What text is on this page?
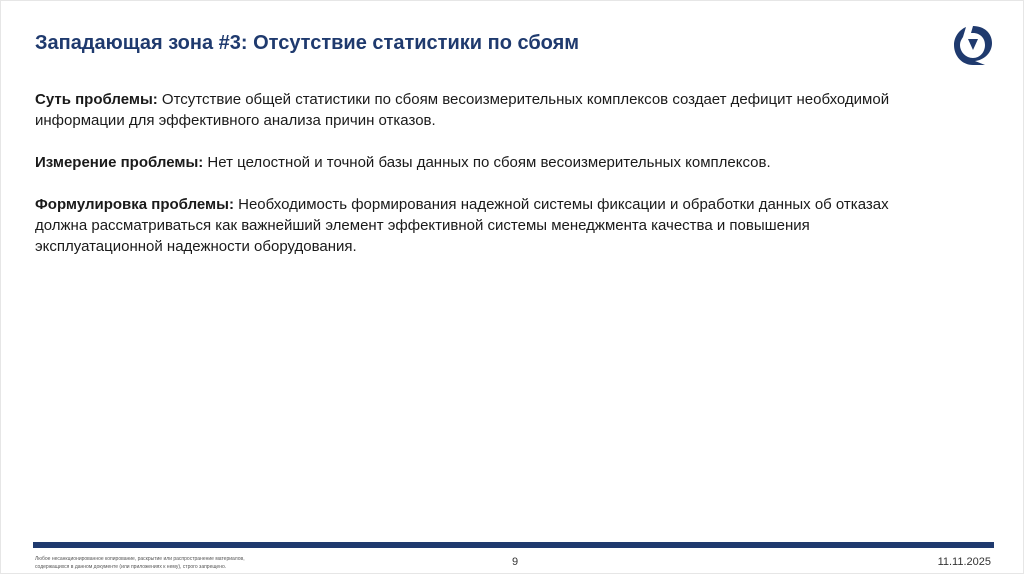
Западающая зона #3: Отсутствие статистики по сбоям

Суть проблемы: Отсутствие общей статистики по сбоям весоизмерительных комплексов создает дефицит необходимой информации для эффективного анализа причин отказов.

Измерение проблемы: Нет целостной и точной базы данных по сбоям весоизмерительных комплексов.

Формулировка проблемы: Необходимость формирования надежной системы фиксации и обработки данных об отказах должна рассматриваться как важнейший элемент эффективной системы менеджмента качества и повышения эксплуатационной надежности оборудования.

Любое несанкционированное копирование, раскрытие или распространение материалов,
содержащихся в данном документе (или приложениях к нему), строго запрещено.	9	11.11.2025
